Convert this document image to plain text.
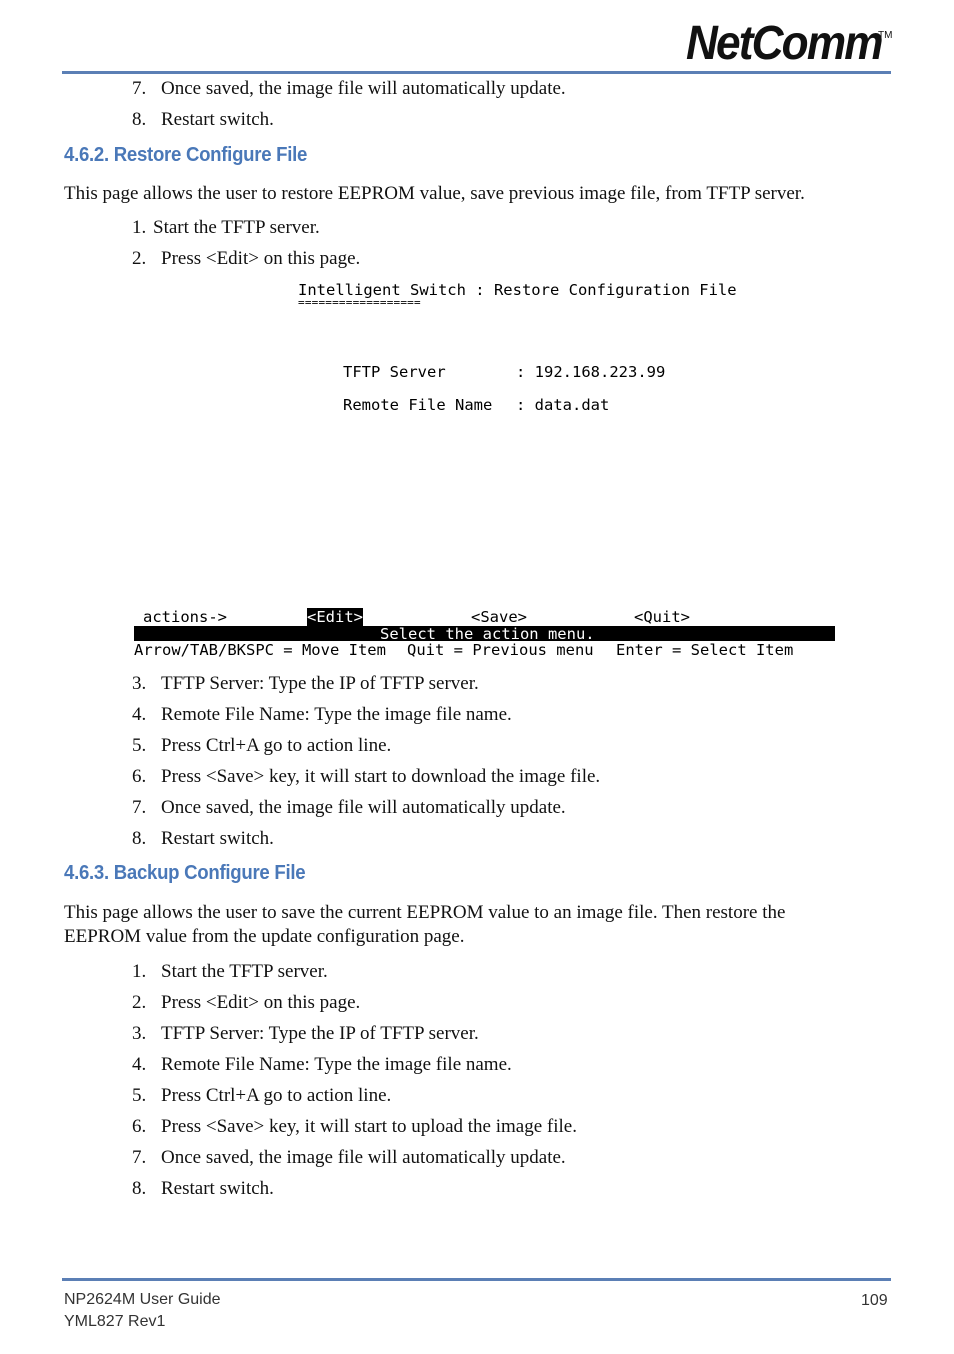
NetComm
TM
7. Once saved, the image file will automatically update.
8. Restart switch.
4.6.2. Restore Configure File
This page allows the user to restore EEPROM value, save previous image file, from TFTP server.
1. Start the TFTP server.
2. Press <Edit> on this page.
Intelligent Switch : Restore Configuration File
==================
TFTP Server	: 192.168.223.99
Remote File Name : data.dat
actions->	<Edit>	<Save>	<Quit>
Select the action menu.
Arrow/TAB/BKSPC = Move Item Quit = Previous menu Enter = Select Item
3. TFTP Server: Type the IP of TFTP server.
4. Remote File Name: Type the image file name.
5. Press Ctrl+A go to action line.
6. Press <Save> key, it will start to download the image file.
7. Once saved, the image file will automatically update.
8. Restart switch.
4.6.3. Backup Configure File
This page allows the user to save the current EEPROM value to an image file. Then restore the
EEPROM value from the update configuration page.
1. Start the TFTP server.
2. Press <Edit> on this page.
3. TFTP Server: Type the IP of TFTP server.
4. Remote File Name: Type the image file name.
5. Press Ctrl+A go to action line.
6. Press <Save> key, it will start to upload the image file.
7. Once saved, the image file will automatically update.
8. Restart switch.
NP2624M User Guide
YML827 Rev1
109
